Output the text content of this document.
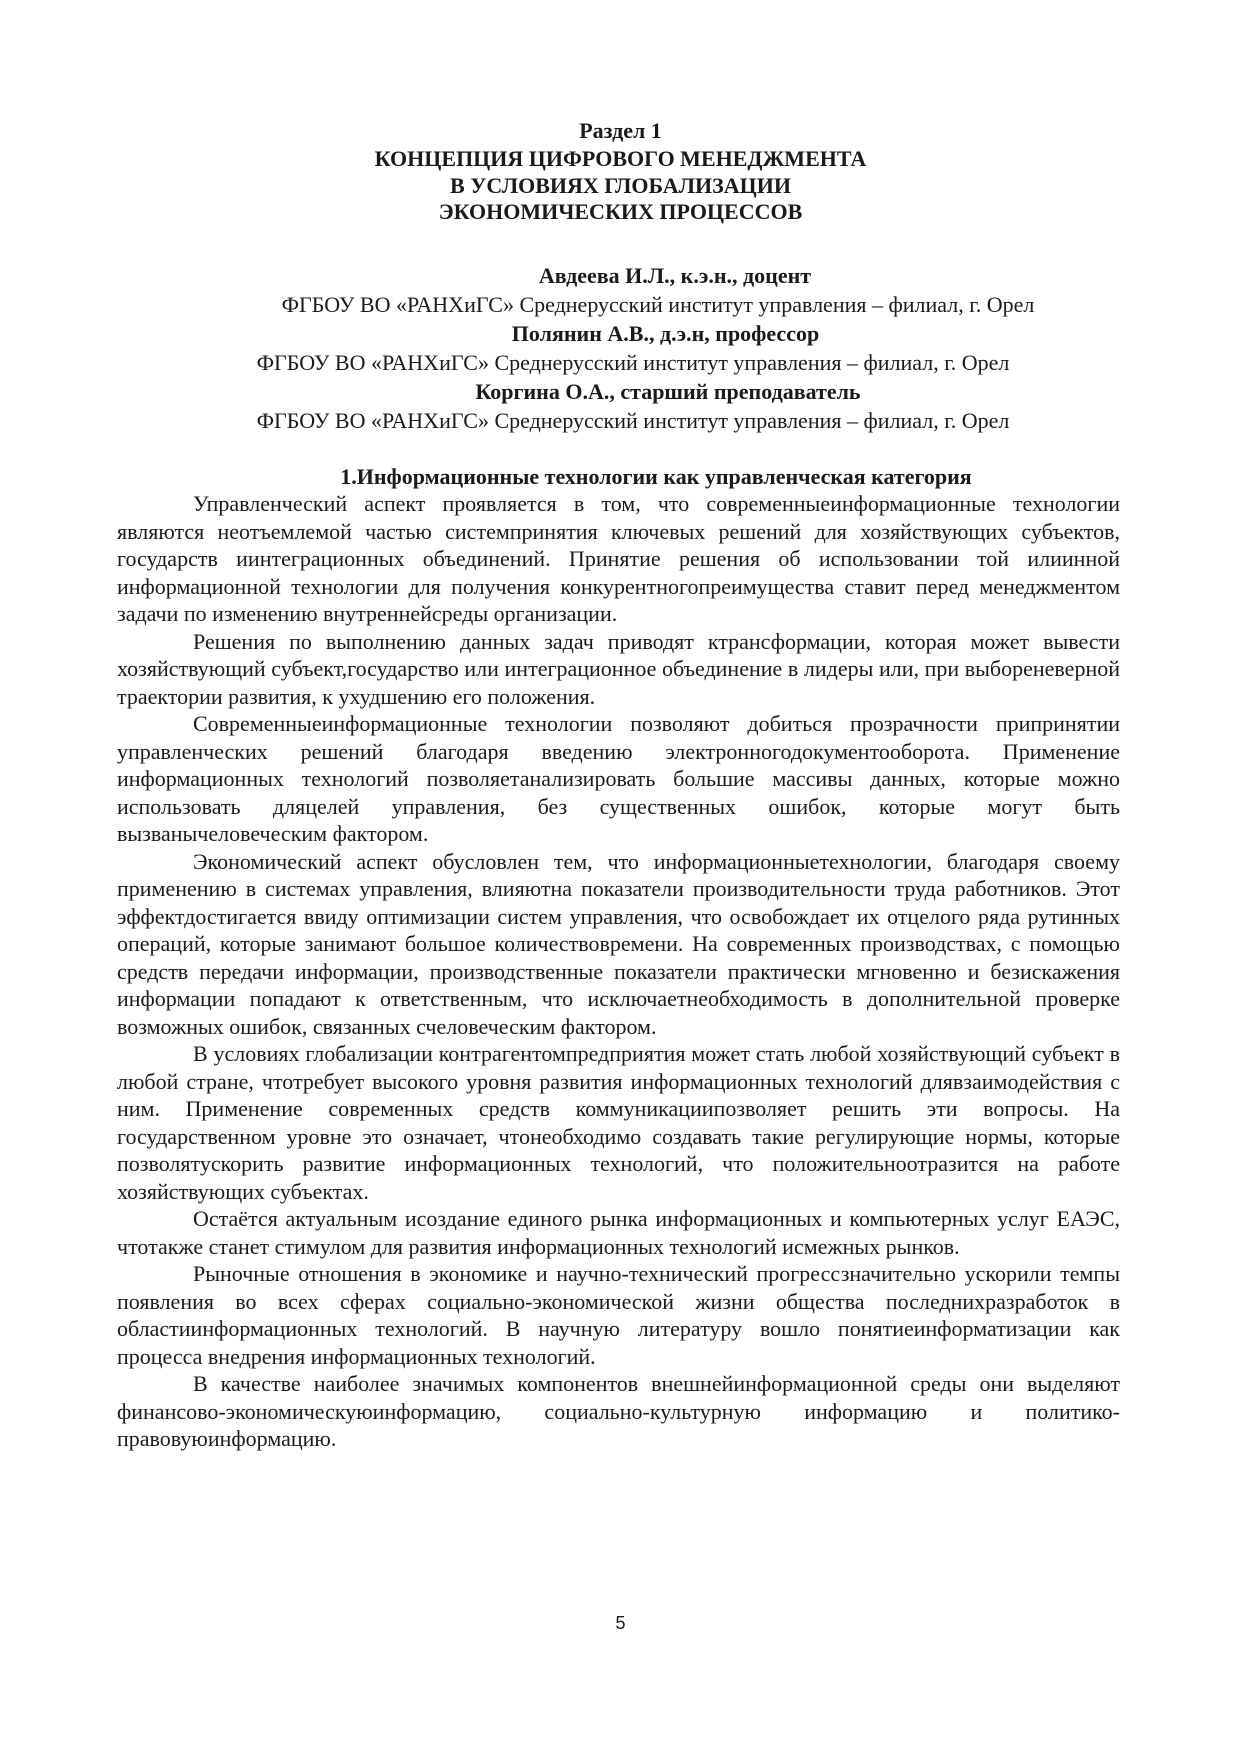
Раздел 1
КОНЦЕПЦИЯ ЦИФРОВОГО МЕНЕДЖМЕНТА
В УСЛОВИЯХ ГЛОБАЛИЗАЦИИ
ЭКОНОМИЧЕСКИХ ПРОЦЕССОВ
Авдеева И.Л., к.э.н., доцент
ФГБОУ ВО «РАНХиГС» Среднерусский институт управления – филиал, г. Орел
Полянин А.В., д.э.н, профессор
ФГБОУ ВО «РАНХиГС» Среднерусский институт управления – филиал, г. Орел
Коргина О.А., старший преподаватель
ФГБОУ ВО «РАНХиГС» Среднерусский институт управления – филиал, г. Орел
1.Информационные технологии как управленческая категория

Управленческий аспект проявляется в том, что современныеинформационные технологии являются неотъемлемой частью системпринятия ключевых решений для хозяйствующих субъектов, государств иинтеграционных объединений. Принятие решения об использовании той илиинной информационной технологии для получения конкурентногопреимущества ставит перед менеджментом задачи по изменению внутреннейсреды организации.

Решения по выполнению данных задач приводят ктрансформации, которая может вывести хозяйствующий субъект,государство или интеграционное объединение в лидеры или, при выбореневерной траектории развития, к ухудшению его положения.

Современныеинформационные технологии позволяют добиться прозрачности припринятии управленческих решений благодаря введению электронногодокументооборота. Применение информационных технологий позволяетанализировать большие массивы данных, которые можно использовать дляцелей управления, без существенных ошибок, которые могут быть вызванычеловеческим фактором.

Экономический аспект обусловлен тем, что информационныетехнологии, благодаря своему применению в системах управления, влияютна показатели производительности труда работников. Этот эффектдостигается ввиду оптимизации систем управления, что освобождает их отцелого ряда рутинных операций, которые занимают большое количествовремени. На современных производствах, с помощью средств передачи информации, производственные показатели практически мгновенно и безискажения информации попадают к ответственным, что исключаетнеобходимость в дополнительной проверке возможных ошибок, связанных счеловеческим фактором.

В условиях глобализации контрагентомпредприятия может стать любой хозяйствующий субъект в любой стране, чтотребует высокого уровня развития информационных технологий длявзаимодействия с ним. Применение современных средств коммуникациипозволяет решить эти вопросы. На государственном уровне это означает, чтонеобходимо создавать такие регулирующие нормы, которые позволятускорить развитие информационных технологий, что положительноотразится на работе хозяйствующих субъектах.

Остаётся актуальным исоздание единого рынка информационных и компьютерных услуг ЕАЭС, чтотакже станет стимулом для развития информационных технологий исмежных рынков.

Рыночные отношения в экономике и научно-технический прогрессзначительно ускорили темпы появления во всех сферах социально-экономической жизни общества последнихразработок в областиинформационных технологий. В научную литературу вошло понятиеинформатизации как процесса внедрения информационных технологий.

В качестве наиболее значимых компонентов внешнейинформационной среды они выделяют финансово-экономическуюинформацию, социально-культурную информацию и политико-правовуюинформацию.

5
